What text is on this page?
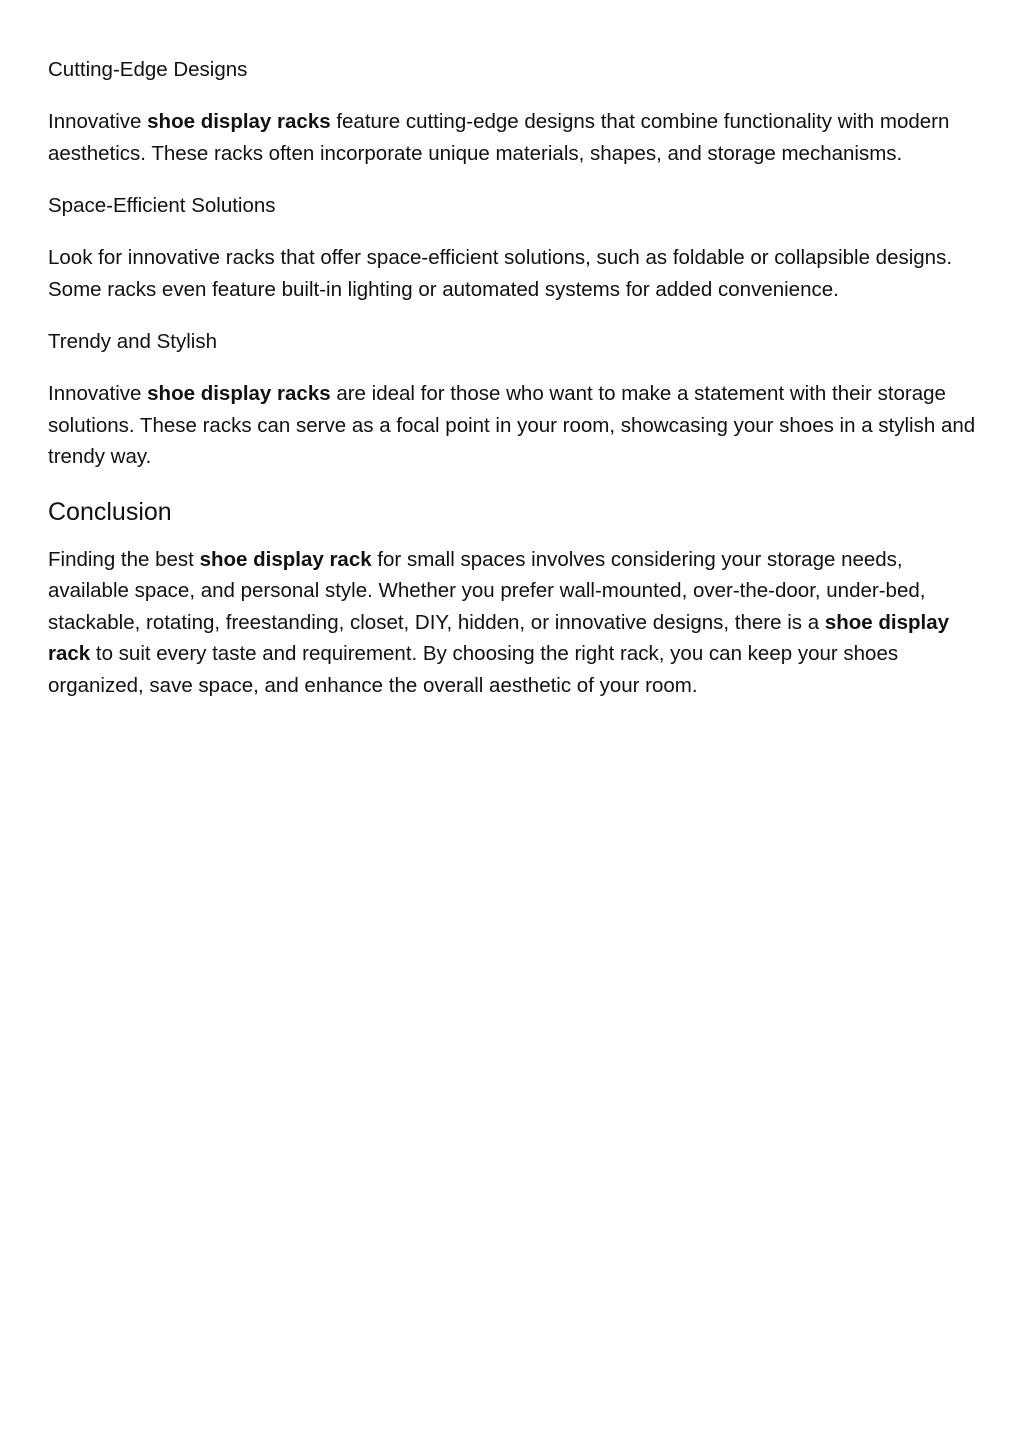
Cutting-Edge Designs

Innovative shoe display racks feature cutting-edge designs that combine functionality with modern aesthetics. These racks often incorporate unique materials, shapes, and storage mechanisms.

Space-Efficient Solutions

Look for innovative racks that offer space-efficient solutions, such as foldable or collapsible designs. Some racks even feature built-in lighting or automated systems for added convenience.

Trendy and Stylish

Innovative shoe display racks are ideal for those who want to make a statement with their storage solutions. These racks can serve as a focal point in your room, showcasing your shoes in a stylish and trendy way.

Conclusion

Finding the best shoe display rack for small spaces involves considering your storage needs, available space, and personal style. Whether you prefer wall-mounted, over-the-door, under-bed, stackable, rotating, freestanding, closet, DIY, hidden, or innovative designs, there is a shoe display rack to suit every taste and requirement. By choosing the right rack, you can keep your shoes organized, save space, and enhance the overall aesthetic of your room.
